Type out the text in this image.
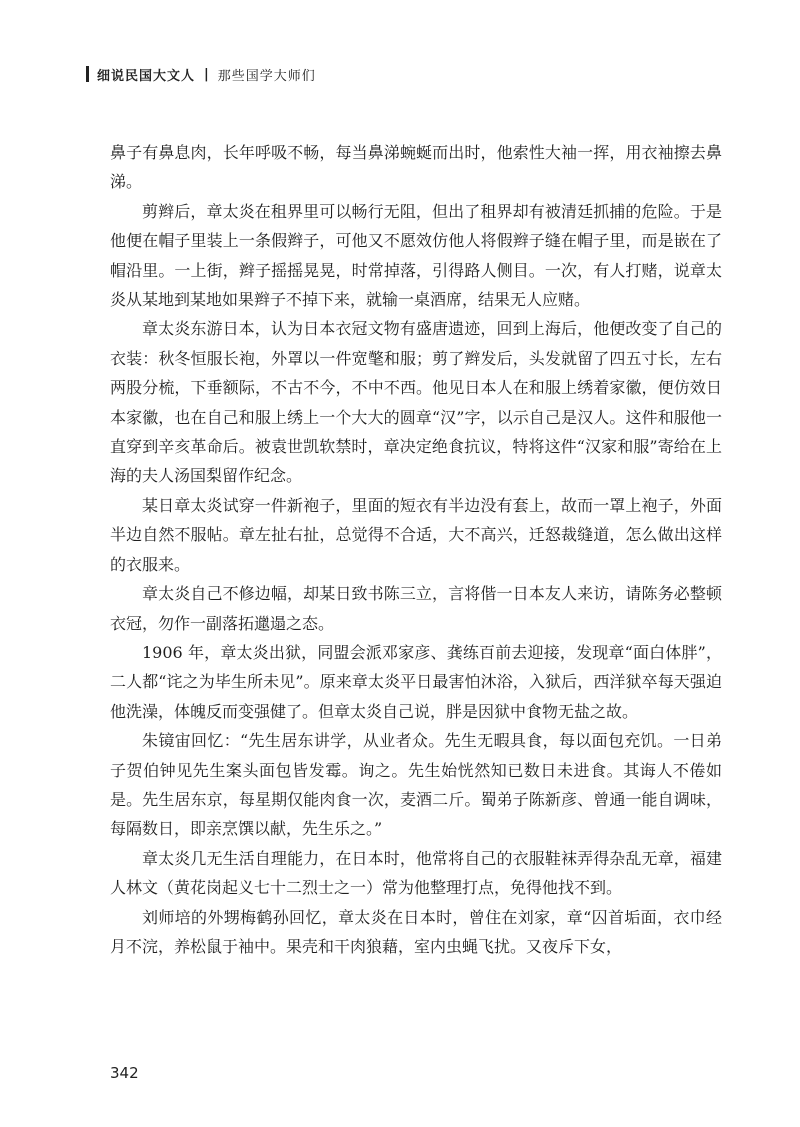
细说民国大文人 | 那些国学大师们

鼻子有鼻息肉，长年呼吸不畅，每当鼻涕蜿蜒而出时，他索性大袖一挥，用衣袖擦去鼻涕。

剪辫后，章太炎在租界里可以畅行无阻，但出了租界却有被清廷抓捕的危险。于是他便在帽子里装上一条假辫子，可他又不愿效仿他人将假辫子缝在帽子里，而是嵌在了帽沿里。一上街，辫子摇摇晃晃，时常掉落，引得路人侧目。一次，有人打赌，说章太炎从某地到某地如果辫子不掉下来，就输一桌酒席，结果无人应赌。

章太炎东游日本，认为日本衣冠文物有盛唐遗迹，回到上海后，他便改变了自己的衣装：秋冬恒服长袍，外罩以一件宽氅和服；剪了辫发后，头发就留了四五寸长，左右两股分梳，下垂额际，不古不今，不中不西。他见日本人在和服上绣着家徽，便仿效日本家徽，也在自己和服上绣上一个大大的圆章“汉”字，以示自己是汉人。这件和服他一直穿到辛亥革命后。被袁世凯软禁时，章决定绝食抗议，特将这件“汉家和服”寄给在上海的夫人汤国梨留作纪念。

某日章太炎试穿一件新袍子，里面的短衣有半边没有套上，故而一罩上袍子，外面半边自然不服帖。章左扯右扯，总觉得不合适，大不高兴，迁怒裁缝道，怎么做出这样的衣服来。

章太炎自己不修边幅，却某日致书陈三立，言将偕一日本友人来访，请陈务必整顿衣冠，勿作一副落拓邋遢之态。

1906 年，章太炎出狱，同盟会派邓家彦、龚练百前去迎接，发现章“面白体胖”，二人都“诧之为毕生所未见”。原来章太炎平日最害怕沐浴，入狱后，西洋狱卒每天强迫他洗澡，体魄反而变强健了。但章太炎自己说，胖是因狱中食物无盐之故。

朱镜宙回忆：“先生居东讲学，从业者众。先生无暇具食，每以面包充饥。一日弟子贺伯钟见先生案头面包皆发霉。询之。先生始恍然知已数日未进食。其诲人不倦如是。先生居东京，每星期仅能肉食一次，麦酒二斤。蜀弟子陈新彦、曾通一能自调味，每隔数日，即亲烹馔以献，先生乐之。”

章太炎几无生活自理能力，在日本时，他常将自己的衣服鞋袜弄得杂乱无章，福建人林文（黄花岗起义七十二烈士之一）常为他整理打点，免得他找不到。

刘师培的外甥梅鹤孙回忆，章太炎在日本时，曾住在刘家，章“囚首垢面，衣巾经月不浣，养松鼠于袖中。果壳和干肉狼藉，室内虫蝇飞扰。又夜斥下女，

342
